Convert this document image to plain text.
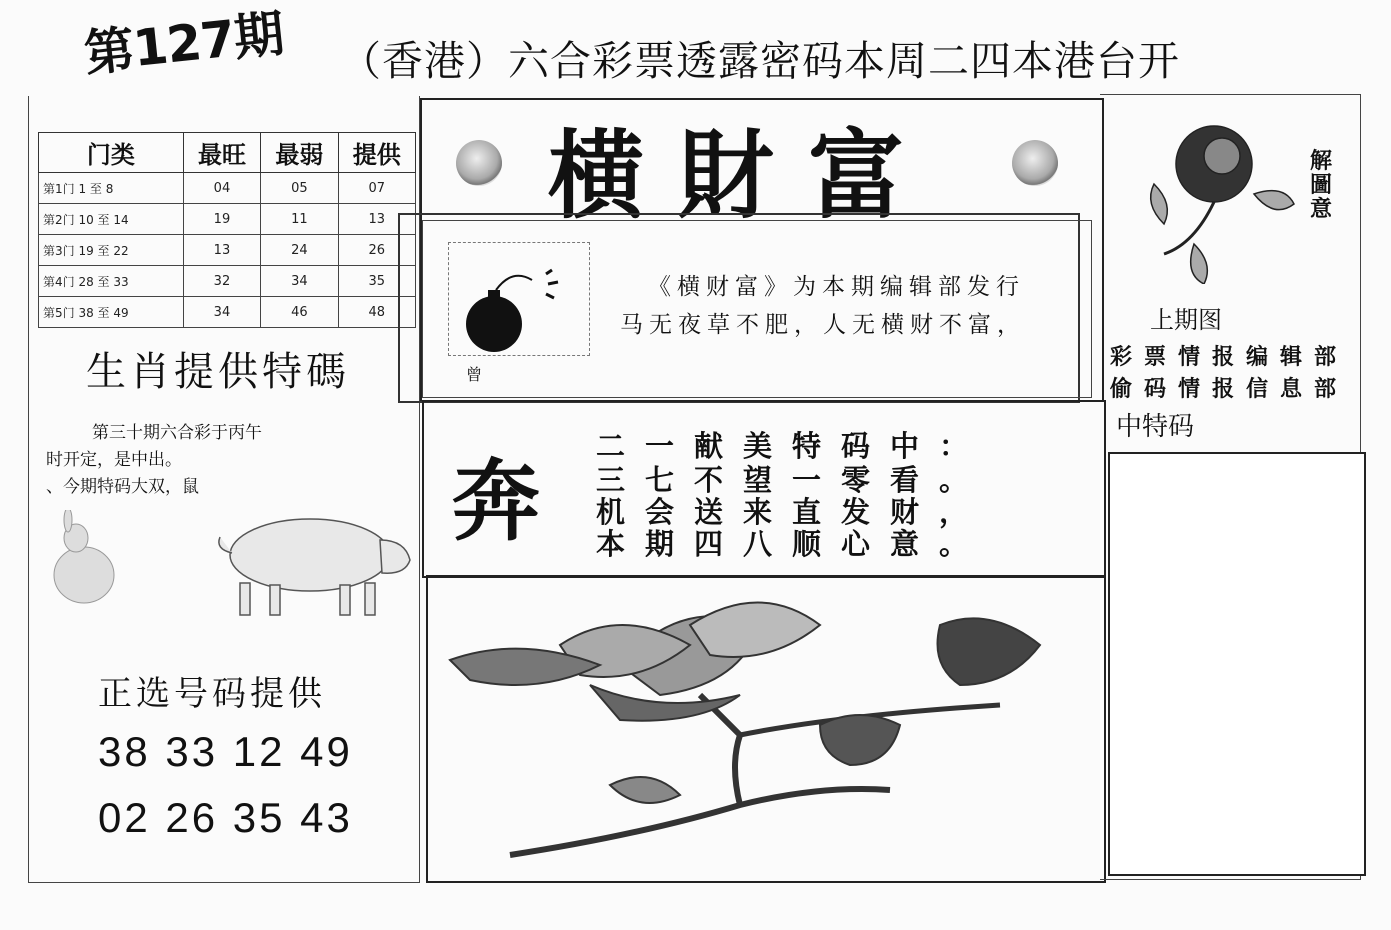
第127期 （香港）六合彩票透露密码本周二四本港台开
门类	最旺	最弱	提供
第1门 1 至 8	04	05	07
第2门 10 至 14	19	11	13
第3门 19 至 22	13	24	26
第4门 28 至 33	32	34	35
第5门 38 至 49	34	46	48
生肖提供特碼
第三十期六合彩于丙午
时开定，是中出。
、今期特码大双，鼠
正选号码提供
38 33 12 49
02 26 35 43
横財富
曾
《横财富》为本期编辑部发行
马无夜草不肥，人无横财不富，
奔
二一献美特码中：
三七不望一零看。
机会送来直发财，
本期四八顺心意。
解圖意
上期图
彩票情报编辑部
偷码情报信息部
中特码
